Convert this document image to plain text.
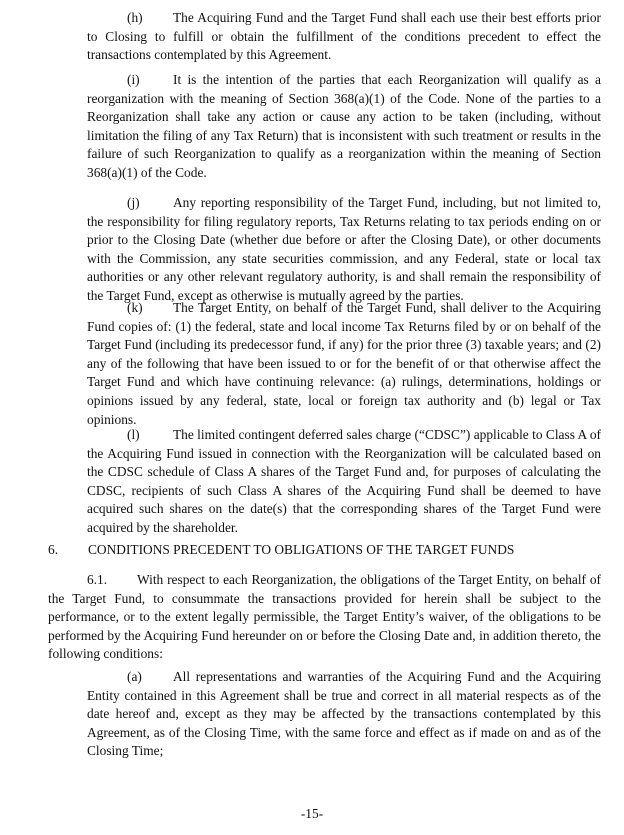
(h) The Acquiring Fund and the Target Fund shall each use their best efforts prior to Closing to fulfill or obtain the fulfillment of the conditions precedent to effect the transactions contemplated by this Agreement.

(i) It is the intention of the parties that each Reorganization will qualify as a reorganization with the meaning of Section 368(a)(1) of the Code. None of the parties to a Reorganization shall take any action or cause any action to be taken (including, without limitation the filing of any Tax Return) that is inconsistent with such treatment or results in the failure of such Reorganization to qualify as a reorganization within the meaning of Section 368(a)(1) of the Code.

(j) Any reporting responsibility of the Target Fund, including, but not limited to, the responsibility for filing regulatory reports, Tax Returns relating to tax periods ending on or prior to the Closing Date (whether due before or after the Closing Date), or other documents with the Commission, any state securities commission, and any Federal, state or local tax authorities or any other relevant regulatory authority, is and shall remain the responsibility of the Target Fund, except as otherwise is mutually agreed by the parties.

(k) The Target Entity, on behalf of the Target Fund, shall deliver to the Acquiring Fund copies of: (1) the federal, state and local income Tax Returns filed by or on behalf of the Target Fund (including its predecessor fund, if any) for the prior three (3) taxable years; and (2) any of the following that have been issued to or for the benefit of or that otherwise affect the Target Fund and which have continuing relevance: (a) rulings, determinations, holdings or opinions issued by any federal, state, local or foreign tax authority and (b) legal or Tax opinions.

(l) The limited contingent deferred sales charge (“CDSC”) applicable to Class A of the Acquiring Fund issued in connection with the Reorganization will be calculated based on the CDSC schedule of Class A shares of the Target Fund and, for purposes of calculating the CDSC, recipients of such Class A shares of the Acquiring Fund shall be deemed to have acquired such shares on the date(s) that the corresponding shares of the Target Fund were acquired by the shareholder.

6. CONDITIONS PRECEDENT TO OBLIGATIONS OF THE TARGET FUNDS

6.1. With respect to each Reorganization, the obligations of the Target Entity, on behalf of the Target Fund, to consummate the transactions provided for herein shall be subject to the performance, or to the extent legally permissible, the Target Entity’s waiver, of the obligations to be performed by the Acquiring Fund hereunder on or before the Closing Date and, in addition thereto, the following conditions:

(a) All representations and warranties of the Acquiring Fund and the Acquiring Entity contained in this Agreement shall be true and correct in all material respects as of the date hereof and, except as they may be affected by the transactions contemplated by this Agreement, as of the Closing Time, with the same force and effect as if made on and as of the Closing Time;

-15-
